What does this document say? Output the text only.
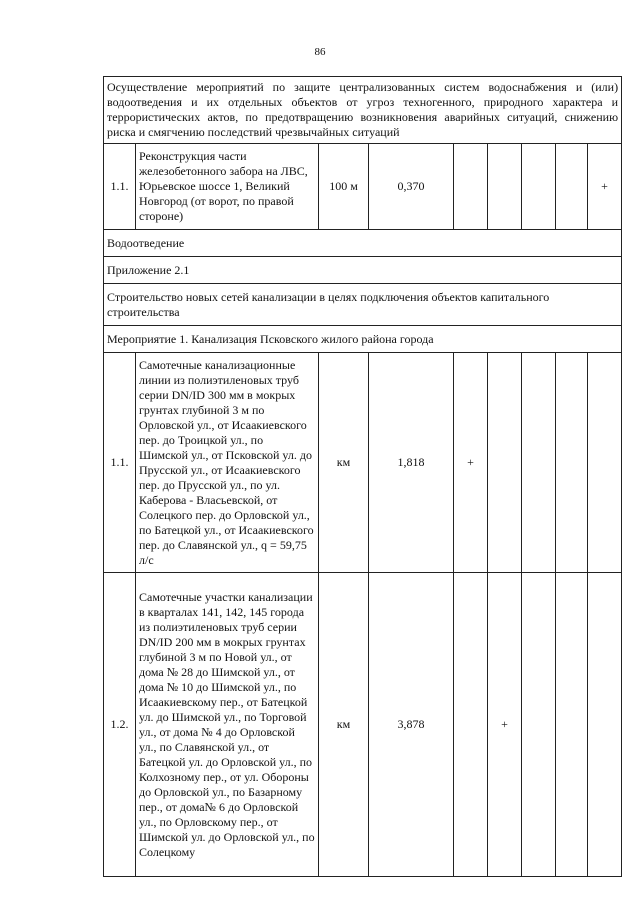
86
Осуществление мероприятий по защите централизованных систем водоснабжения и (или) водоотведения и их отдельных объектов от угроз техногенного, природного характера и террористических актов, по предотвращению возникновения аварийных ситуаций, снижению риска и смягчению последствий чрезвычайных ситуаций								
1.1.	Реконструкция части железобетонного забора на ЛВС, Юрьевское шоссе 1, Великий Новгород (от ворот, по правой стороне)	100 м	0,370					+
Водоотведение								
Приложение 2.1								
Строительство новых сетей канализации в целях подключения объектов капитального строительства								
Мероприятие 1. Канализация Псковского жилого района города								
1.1.	Самотечные канализационные линии из полиэтиленовых труб серии DN/ID 300 мм в мокрых грунтах глубиной 3 м по Орловской ул., от Исаакиевского пер. до Троицкой ул., по Шимской ул., от Псковской ул. до Прусской ул., от Исаакиевского пер. до Прусской ул., по ул. Каберова - Власьевской, от Солецкого пер. до Орловской ул., по Батецкой ул., от Исаакиевского пер. до Славянской ул., q = 59,75 л/с	км	1,818	+				
1.2.	Самотечные участки канализации в кварталах 141, 142, 145 города из полиэтиленовых труб серии DN/ID 200 мм в мокрых грунтах глубиной 3 м по Новой ул., от дома № 28 до Шимской ул., от дома № 10 до Шимской ул., по Исаакиевскому пер., от Батецкой ул. до Шимской ул., по Торговой ул., от дома № 4 до Орловской ул., по Славянской ул., от Батецкой ул. до Орловской ул., по Колхозному пер., от ул. Обороны до Орловской ул., по Базарному пер., от дома№ 6 до Орловской ул., по Орловскому пер., от Шимской ул. до Орловской ул., по Солецкому	км	3,878		+			
